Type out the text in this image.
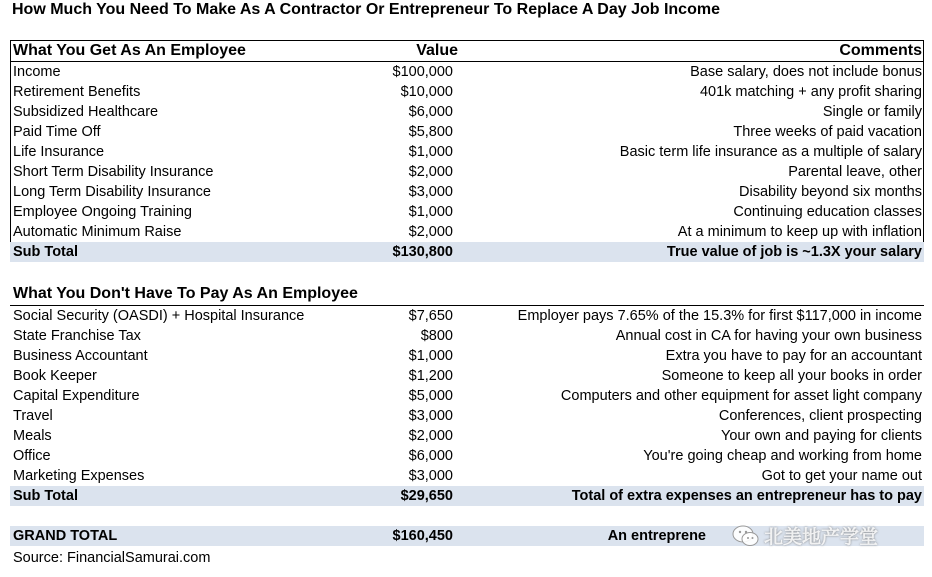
How Much You Need To Make As A Contractor Or Entrepreneur To Replace A Day Job Income
What You Get As An Employee	Value	Comments
Income	$100,000	Base salary, does not include bonus
Retirement Benefits	$10,000	401k matching + any profit sharing
Subsidized Healthcare	$6,000	Single or family
Paid Time Off	$5,800	Three weeks of paid vacation
Life Insurance	$1,000	Basic term life insurance as a multiple of salary
Short Term Disability Insurance	$2,000	Parental leave, other
Long Term Disability Insurance	$3,000	Disability beyond six months
Employee Ongoing Training	$1,000	Continuing education classes
Automatic Minimum Raise	$2,000	At a minimum to keep up with inflation
Sub Total	$130,800	True value of job is ~1.3X your salary
What You Don't Have To Pay As An Employee
Social Security (OASDI) + Hospital Insurance	$7,650	Employer pays 7.65% of the 15.3% for first $117,000 in income
State Franchise Tax	$800	Annual cost in CA for having your own business
Business Accountant	$1,000	Extra you have to pay for an accountant
Book Keeper	$1,200	Someone to keep all your books in order
Capital Expenditure	$5,000	Computers and other equipment for asset light company
Travel	$3,000	Conferences, client prospecting
Meals	$2,000	Your own and paying for clients
Office	$6,000	You're going cheap and working from home
Marketing Expenses	$3,000	Got to get your name out
Sub Total	$29,650	Total of extra expenses an entrepreneur has to pay
GRAND TOTAL	$160,450	An entreprene
Source: FinancialSamurai.com
北美地产学堂
